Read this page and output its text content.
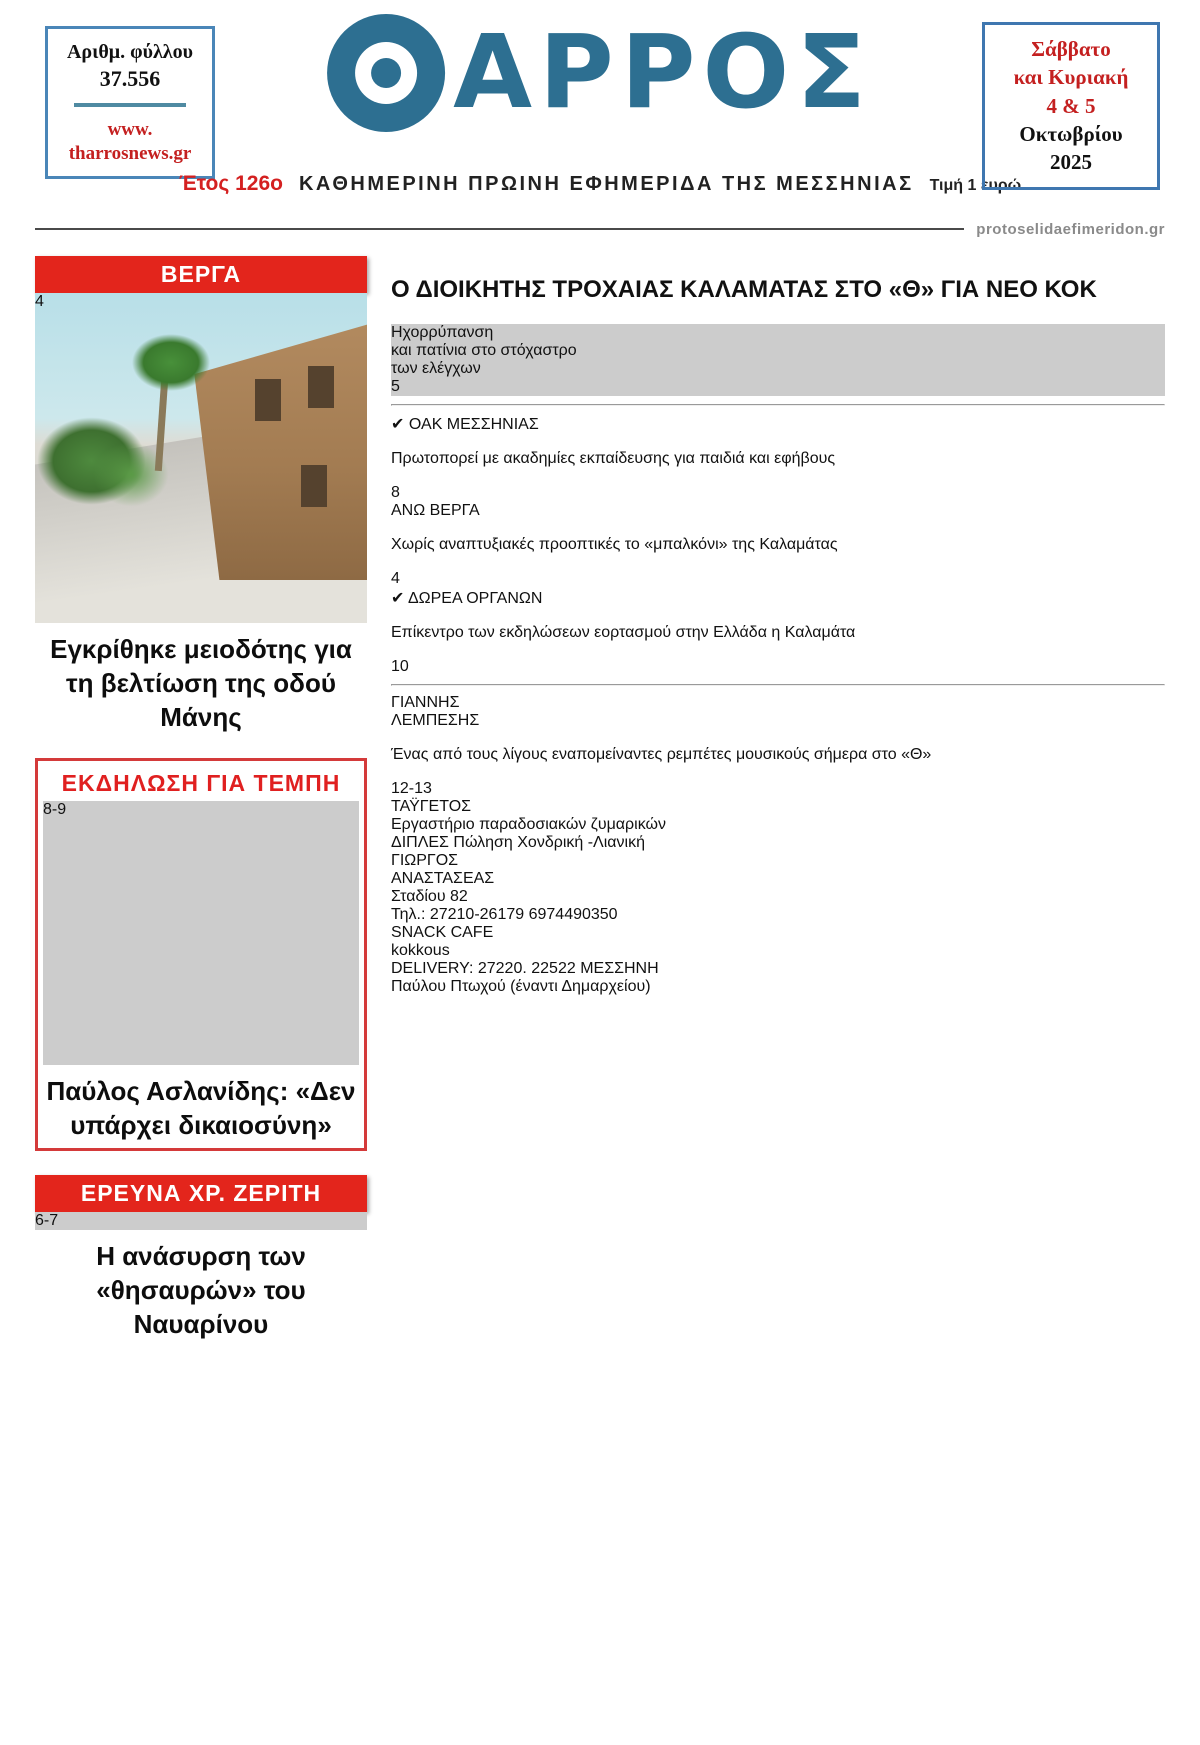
Αριθμ. φύλλου
37.556
www.
tharrosnews.gr
ΑΡΡΟΣ
Έτος 126ο ΚΑΘΗΜΕΡΙΝΗ ΠΡΩΙΝΗ ΕΦΗΜΕΡΙΔΑ ΤΗΣ ΜΕΣΣΗΝΙΑΣ Τιμή 1 ευρώ
Σάββατο
και Κυριακή
4 & 5
Οκτωβρίου
2025
protoselidaefimeridon.gr
ΒΕΡΓΑ
4
Εγκρίθηκε μειοδότης για τη βελτίωση της οδού Μάνης
ΕΚΔΗΛΩΣΗ ΓΙΑ ΤΕΜΠΗ
8-9
Παύλος Ασλανίδης: «Δεν υπάρχει δικαιοσύνη»
ΕΡΕΥΝΑ ΧΡ. ΖΕΡΙΤΗ
6-7
Η ανάσυρση των «θησαυρών» του Ναυαρίνου
Ο ΔΙΟΙΚΗΤΗΣ ΤΡΟΧΑΙΑΣ ΚΑΛΑΜΑΤΑΣ ΣΤΟ «Θ» ΓΙΑ ΝΕΟ ΚΟΚ
Ηχορρύπανση
και πατίνια στο στόχαστρο
των ελέγχων
5
✔ ΟΑΚ ΜΕΣΣΗΝΙΑΣ

Πρωτοπορεί με ακαδημίες εκπαίδευσης για παιδιά και εφήβους

8
ΑΝΩ ΒΕΡΓΑ

Χωρίς αναπτυξιακές προοπτικές το «μπαλκόνι» της Καλαμάτας

4
✔ ΔΩΡΕΑ ΟΡΓΑΝΩΝ

Επίκεντρο των εκδηλώσεων εορτασμού στην Ελλάδα η Καλαμάτα

10
ΓΙΑΝΝΗΣ
ΛΕΜΠΕΣΗΣ

Ένας από τους λίγους εναπομείναντες ρεμπέτες μουσικούς σήμερα στο «Θ»

12-13
ΤΑΫΓΕΤΟΣ
Εργαστήριο παραδοσιακών ζυμαρικών
ΔΙΠΛΕΣ Πώληση Χονδρική -Λιανική
ΓΙΩΡΓΟΣ
ΑΝΑΣΤΑΣΕΑΣ
Σταδίου 82
Τηλ.: 27210-26179 6974490350
SNACK CAFE
kokkous
DELIVERY: 27220. 22522 ΜΕΣΣΗΝΗ
Παύλου Πτωχού (έναντι Δημαρχείου)
